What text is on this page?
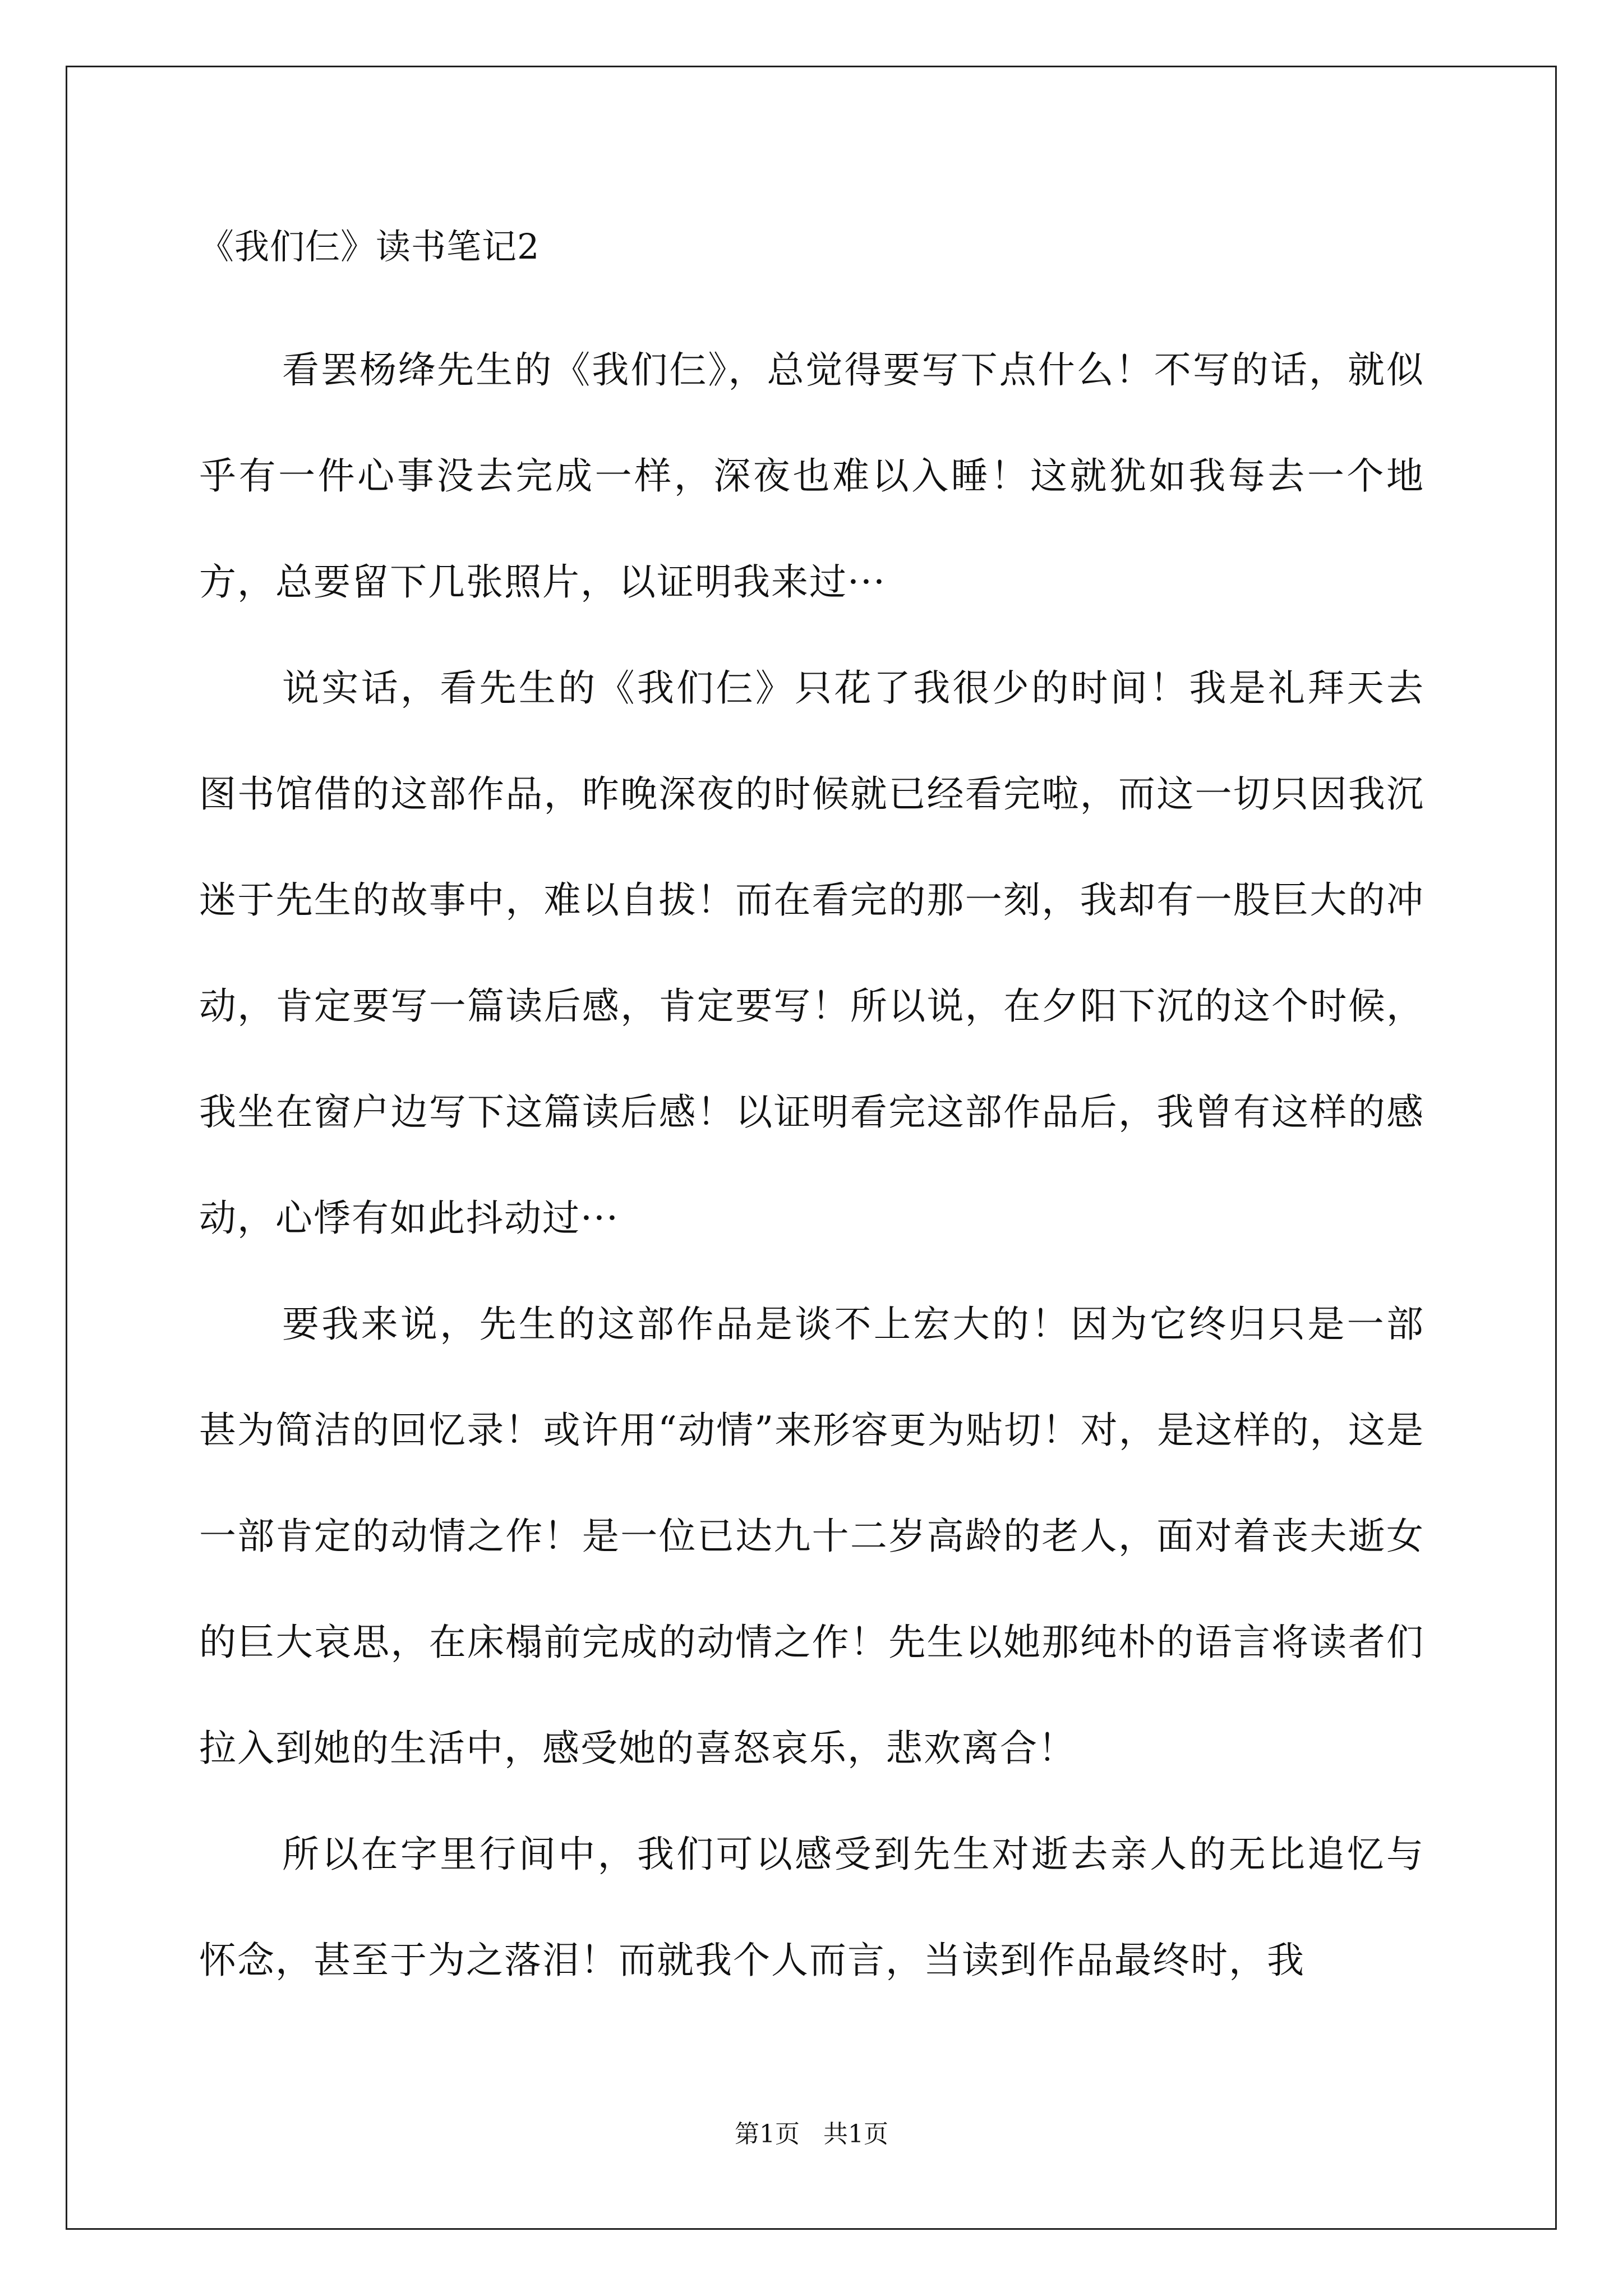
《我们仨》读书笔记2

看罢杨绛先生的《我们仨》，总觉得要写下点什么！不写的话，就似乎有一件心事没去完成一样，深夜也难以入睡！这就犹如我每去一个地方，总要留下几张照片，以证明我来过···

说实话，看先生的《我们仨》只花了我很少的时间！我是礼拜天去图书馆借的这部作品，昨晚深夜的时候就已经看完啦，而这一切只因我沉迷于先生的故事中，难以自拔！而在看完的那一刻，我却有一股巨大的冲动，肯定要写一篇读后感，肯定要写！所以说，在夕阳下沉的这个时候，我坐在窗户边写下这篇读后感！以证明看完这部作品后，我曾有这样的感动，心悸有如此抖动过···

要我来说，先生的这部作品是谈不上宏大的！因为它终归只是一部甚为简洁的回忆录！或许用“动情”来形容更为贴切！对，是这样的，这是一部肯定的动情之作！是一位已达九十二岁高龄的老人，面对着丧夫逝女的巨大哀思，在床榻前完成的动情之作！先生以她那纯朴的语言将读者们拉入到她的生活中，感受她的喜怒哀乐，悲欢离合！

所以在字里行间中，我们可以感受到先生对逝去亲人的无比追忆与怀念，甚至于为之落泪！而就我个人而言，当读到作品最终时，我

第1页   共1页
